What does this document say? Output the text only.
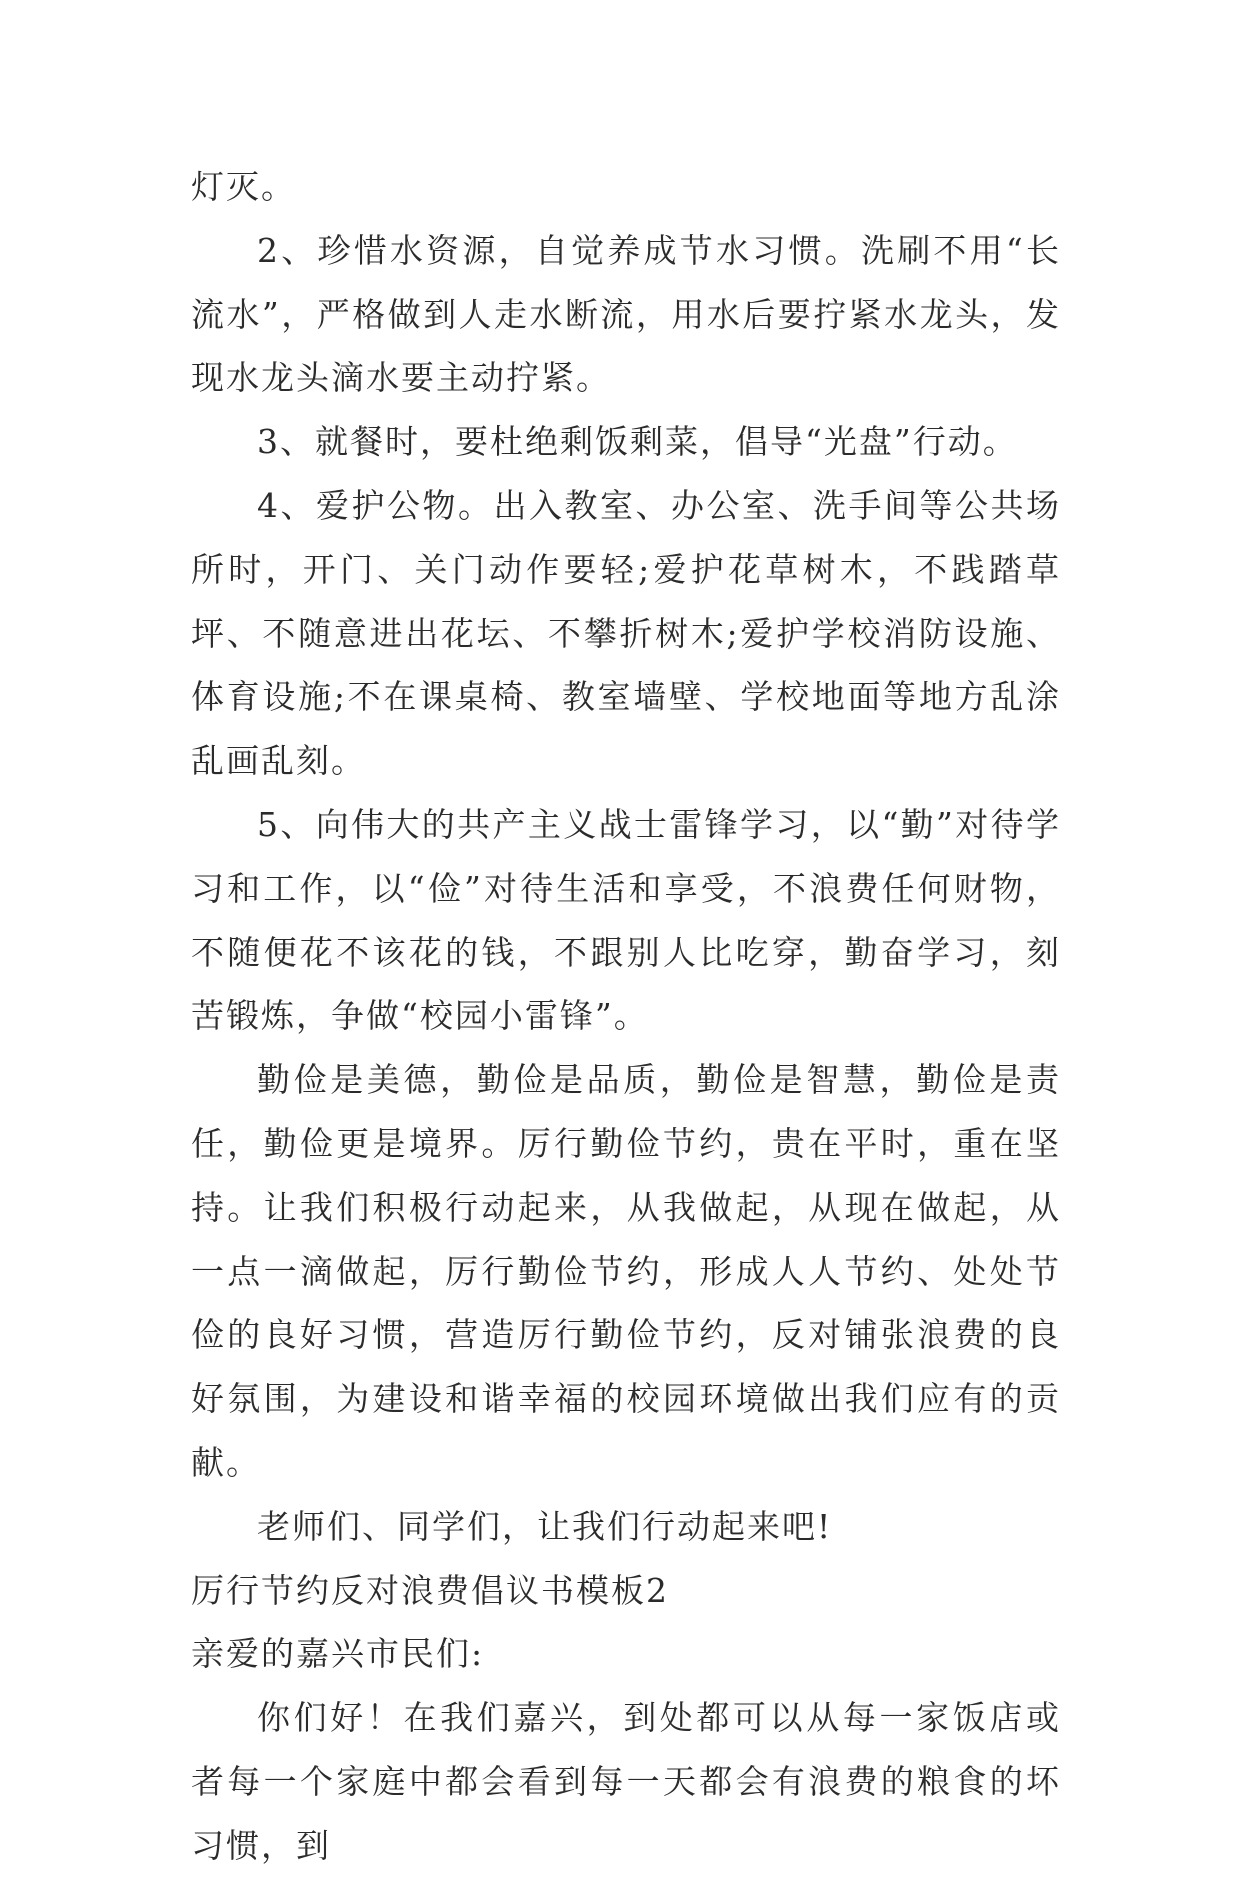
灯灭。

2、珍惜水资源，自觉养成节水习惯。洗刷不用“长流水”，严格做到人走水断流，用水后要拧紧水龙头，发现水龙头滴水要主动拧紧。

3、就餐时，要杜绝剩饭剩菜，倡导“光盘”行动。

4、爱护公物。出入教室、办公室、洗手间等公共场所时，开门、关门动作要轻;爱护花草树木，不践踏草坪、不随意进出花坛、不攀折树木;爱护学校消防设施、体育设施;不在课桌椅、教室墙壁、学校地面等地方乱涂乱画乱刻。

5、向伟大的共产主义战士雷锋学习，以“勤”对待学习和工作，以“俭”对待生活和享受，不浪费任何财物，不随便花不该花的钱，不跟别人比吃穿，勤奋学习，刻苦锻炼，争做“校园小雷锋”。

勤俭是美德，勤俭是品质，勤俭是智慧，勤俭是责任，勤俭更是境界。厉行勤俭节约，贵在平时，重在坚持。让我们积极行动起来，从我做起，从现在做起，从一点一滴做起，厉行勤俭节约，形成人人节约、处处节俭的良好习惯，营造厉行勤俭节约，反对铺张浪费的良好氛围，为建设和谐幸福的校园环境做出我们应有的贡献。

老师们、同学们，让我们行动起来吧!

厉行节约反对浪费倡议书模板2

亲爱的嘉兴市民们:

你们好！在我们嘉兴，到处都可以从每一家饭店或者每一个家庭中都会看到每一天都会有浪费的粮食的坏习惯，到
